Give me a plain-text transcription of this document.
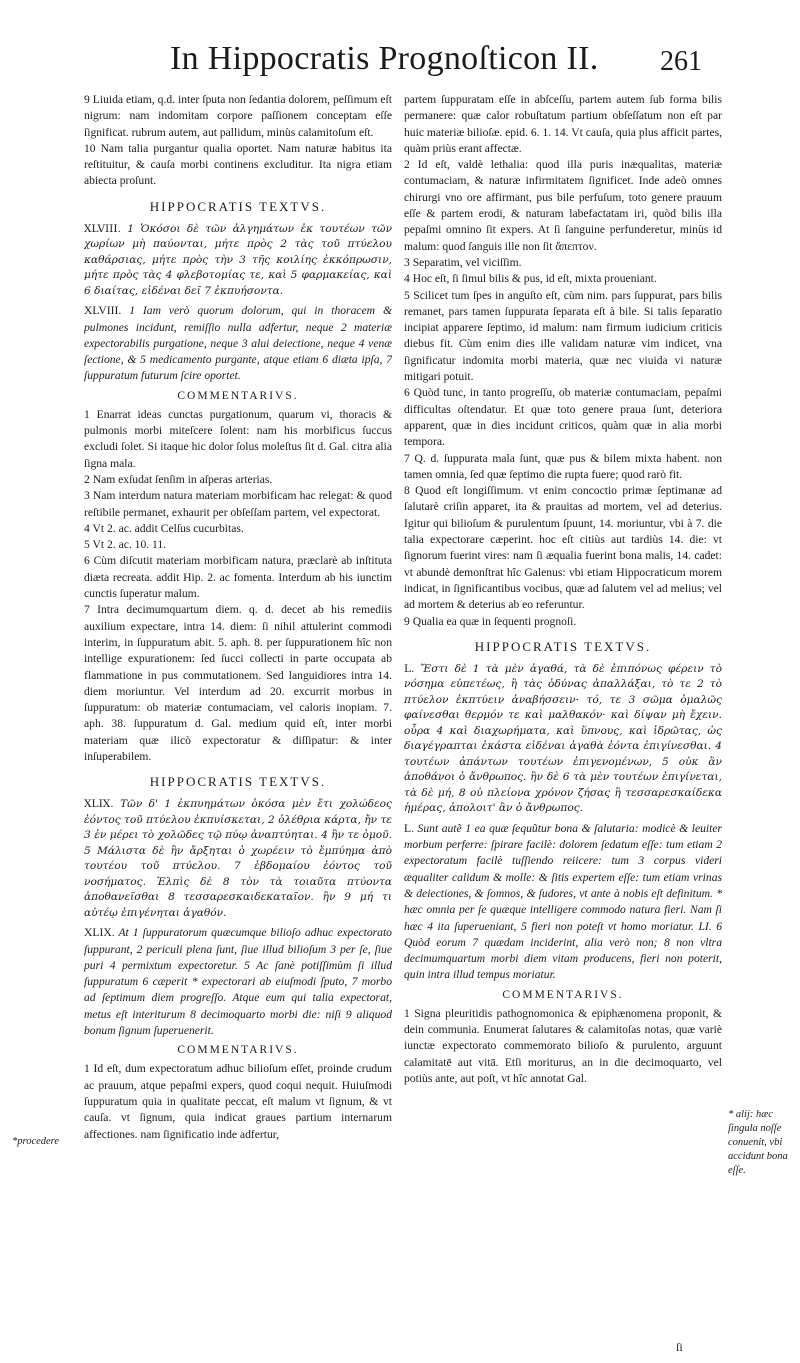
In Hippocratis Prognoſticon II. 261

9 Liuida etiam, q.d. inter ſputa non ſedantia dolorem, peſſimum eſt nigrum: nam indomitam corpore paſſionem conceptam eſſe ſignificat. rubrum autem, aut pallidum, minùs calamitoſum eſt.

10 Nam talia purgantur qualia oportet. Nam naturæ habitus ita reſtituitur, & cauſa morbi continens excluditur. Ita nigra etiam abiecta proſunt.

HIPPOCRATIS TEXTVS.

XLVIII. 1 Ὁκόσοι δὲ τῶν ἀλγημάτων ἐκ τουτέων τῶν χωρίων μὴ παύονται, μήτε πρὸς 2 τὰς τοῦ πτύελου καθάρσιας, μήτε πρὸς τὴν 3 τῆς κοιλίης ἐκκόπρωσιν, μήτε πρὸς τὰς 4 φλεβοτομίας τε, καὶ 5 φαρμακείας, καὶ 6 διαίτας, εἰδέναι δεῖ 7 ἐκπυήσοντα.

XLVIII. 1 Iam verò quorum dolorum, qui in thoracem & pulmones incidunt, remiſſio nulla adfertur, neque 2 materiæ expectorabilis purgatione, neque 3 alui deiectione, neque 4 venæ ſectione, & 5 medicamento purgante, atque etiam 6 diæta ipſa, 7 ſuppuratum futurum ſcire oportet.

COMMENTARIVS.

1 Enarrat ideas cunctas purgationum, quarum vi, thoracis & pulmonis morbi miteſcere ſolent: nam his morbificus ſuccus excludi ſolet. Si itaque hic dolor ſolus moleſtus ſit d. Gal. citra alia ſigna mala.

2 Nam exſudat ſenſim in aſperas arterias.

3 Nam interdum natura materiam morbificam hac relegat: & quod reſtibile permanet, exhaurit per obſeſſam partem, vel expectorat.

4 Vt 2. ac. addit Celſus cucurbitas.

5 Vt 2. ac. 10. 11.

6 Cùm diſcutit materiam morbificam natura, præclarè ab inſtituta diæta recreata. addit Hip. 2. ac fomenta. Interdum ab his iunctim cunctis ſuperatur malum.

7 Intra decimumquartum diem. q. d. decet ab his remediis auxilium expectare, intra 14. diem: ſi nihil attulerint commodi interim, in ſuppuratum abit. 5. aph. 8. per ſuppurationem hîc non intellige expurationem: ſed ſucci collecti in parte occupata ab flammatione in pus commutationem. Sed languidiores intra 14. diem moriuntur. Vel interdum ad 20. excurrit morbus in ſuppuratum: ob materiæ contumaciam, vel caloris inopiam. 7. aph. 38. ſuppuratum d. Gal. medium quid eſt, inter morbi materiam quæ ilicò expectoratur & diſſipatur: & inter inſuperabilem.

HIPPOCRATIS TEXTVS.

XLIX. Τῶν δ' 1 ἐκπυημάτων ὁκόσα μὲν ἔτι χολώδεος ἐόντος τοῦ πτύελου ἐκπυίσκεται, 2 ὀλέθρια κάρτα, ἤν τε 3 ἐν μέρει τὸ χολῶδες τῷ πύῳ ἀναπτύηται. 4 ἢν τε ὁμοῦ. 5 Μάλιστα δὲ ἢν ἄρξηται ὁ χωρέειν τὸ ἔμπύημα ἀπὸ τουτέου τοῦ πτύελου. 7 ἑβδομαίου ἐόντος τοῦ νοσήματος. Ἐλπὶς δὲ 8 τὸν τὰ τοιαῦτα πτύοντα ἀποθανεῖσθαι 8 τεσσαρεσκαιδεκαταῖον. ἢν 9 μή τι αὐτέῳ ἐπιγένηται ἀγαθόν.

XLIX. At 1 ſuppuratorum quæcumque bilioſo adhuc expectorato ſuppurant, 2 periculi plena ſunt, ſiue illud bilioſum 3 per ſe, ſiue puri 4 permixtum expectoretur. 5 Ac ſanè potiſſimùm ſi illud ſuppuratum 6 cæperit * expectorari ab eiuſmodi ſputo, 7 morbo ad ſeptimum diem progreſſo. Atque eum qui talia expectorat, metus eſt interiturum 8 decimoquarto morbi die: niſi 9 aliquod bonum ſignum ſuperuenerit.

COMMENTARIVS.

1 Id eſt, dum expectoratum adhuc bilioſum eſſet, proinde crudum ac prauum, atque pepaſmi expers, quod coqui nequit. Huiuſmodi ſuppuratum quia in qualitate peccat, eſt malum vt ſignum, & vt cauſa. vt ſignum, quia indicat graues partium internarum affectiones. nam ſignificatio inde adfertur,

partem ſuppuratam eſſe in abſceſſu, partem autem ſub forma bilis permanere: quæ calor robuſtatum partium obſeſſatum non eſt par huic materiæ bilioſæ. epid. 6. 1. 14. Vt cauſa, quia plus afficit partes, quàm priùs erant affectæ.

2 Id eſt, valdè lethalia: quod illa puris inæqualitas, materiæ contumaciam, & naturæ infirmitatem ſignificet. Inde adeò omnes chirurgi vno ore affirmant, pus bile perfuſum, toto genere prauum eſſe & partem erodi, & naturam labefactatam iri, quòd bilis illa pepaſmi omnino ſit expers. At ſi ſanguine perfunderetur, minùs id malum: quod ſanguis ille non ſit ἄπεπτον.

3 Separatim, vel viciſſim.

4 Hoc eſt, ſi ſimul bilis & pus, id eſt, mixta proueniant.

5 Scilicet tum ſpes in anguſto eſt, cùm nim. pars ſuppurat, pars bilis remanet, pars tamen ſuppurata ſeparata eſt à bile. Si talis ſeparatio incipiat apparere ſeptimo, id malum: nam firmum iudicium criticis diebus fit. Cùm enim dies ille validam naturæ vim indicet, vna ſignificatur indomita morbi materia, quæ nec viuida vi naturæ mitigari potuit.

6 Quòd tunc, in tanto progreſſu, ob materiæ contumaciam, pepaſmi difficultas oſtendatur. Et quæ toto genere praua ſunt, deteriora apparent, quæ in dies incidunt criticos, quàm quæ in alia morbi tempora.

7 Q. d. ſuppurata mala ſunt, quæ pus & bilem mixta habent. non tamen omnia, ſed quæ ſeptimo die rupta fuere; quod rarò fit.

8 Quod eſt longiſſimum. vt enim concoctio primæ ſeptimanæ ad ſalutarè criſin apparet, ita & prauitas ad mortem, vel ad deterius. Igitur qui bilioſum & purulentum ſpuunt, 14. moriuntur, vbi à 7. die talia expectorare cæperint. hoc eſt citiùs aut tardiùs 14. die: vt ſignorum fuerint vires: nam ſi æqualia fuerint bona malis, 14. cadet: vt abundè demonſtrat hîc Galenus: vbi etiam Hippocraticum morem indicat, in ſignificantibus vocibus, quæ ad ſalutem vel ad melius; vel ad mortem & deterius ab eo referuntur.

9 Qualia ea quæ in ſequenti prognoſi.

HIPPOCRATIS TEXTVS.

L. Ἔστι δὲ 1 τὰ μὲν ἀγαθά, τὰ δὲ ἐπιπόνως φέρειν τὸ νόσημα εὐπετέως, ἢ τὰς ὀδύνας ἀπαλλάξαι, τὸ τε 2 τὸ πτύελον ἐκπτύειν ἀναβήσσειν· τό, τε 3 σῶμα ὁμαλῶς φαίνεσθαι θερμόν τε καὶ μαλθακόν· καὶ δίψαν μὴ ἔχειν. οὖρα 4 καὶ διαχωρήματα, καὶ ὕπνους, καὶ ἱδρῶτας, ὡς διαγέγραπται ἐκάστα εἰδέναι ἀγαθὰ ἐόντα ἐπιγίνεσθαι. 4 τουτέων ἀπάντων τουτέων ἐπιγενομένων, 5 οὐκ ἂν ἀποθάνοι ὁ ἄνθρωπος. ἢν δὲ 6 τὰ μὲν τουτέων ἐπιγίνεται, τὰ δὲ μή, 8 οὐ πλείονα χρόνον ζήσας ἢ τεσσαρεσκαίδεκα ἡμέρας, ἀπολοιτ' ἂν ὁ ἄνθρωπος.

L. Sunt autẽ 1 ea quæ ſequũtur bona & ſalutaria: modicè & leuiter morbum perferre: ſpirare facilè: dolorem ſedatum eſſe: tum etiam 2 expectoratum facilè tuſſiendo reiicere: tum 3 corpus videri æqualiter calidum & molle: & ſitis expertem eſſe: tum etiam vrinas & deiectiones, & ſomnos, & ſudores, vt ante à nobis eſt definitum. * hæc omnia per ſe quæque intelligere commodo natura fieri. Nam ſi hæc 4 ita ſuperueniant, 5 fieri non poteſt vt homo moriatur. LI. 6 Quòd eorum 7 quædam inciderint, alia verò non; 8 non vltra decimumquartum morbi diem vitam producens, fieri non poterit, quin intra illud tempus moriatur.

COMMENTARIVS.

1 Signa pleuritidis pathognomonica & epiphænomena proponit, & dein communia. Enumerat ſalutares & calamitoſas notas, quæ variè iunctæ expectorato commemorato bilioſo & purulento, arguunt calamitatē aut vitā. Etſi moriturus, an in die decimoquarto, vel potiùs ante, aut poſt, vt hîc annotat Gal.

*procedere
* alij: hæc ſingula noſſe conuenit, vbi accidunt bona eſſe.
ſi
